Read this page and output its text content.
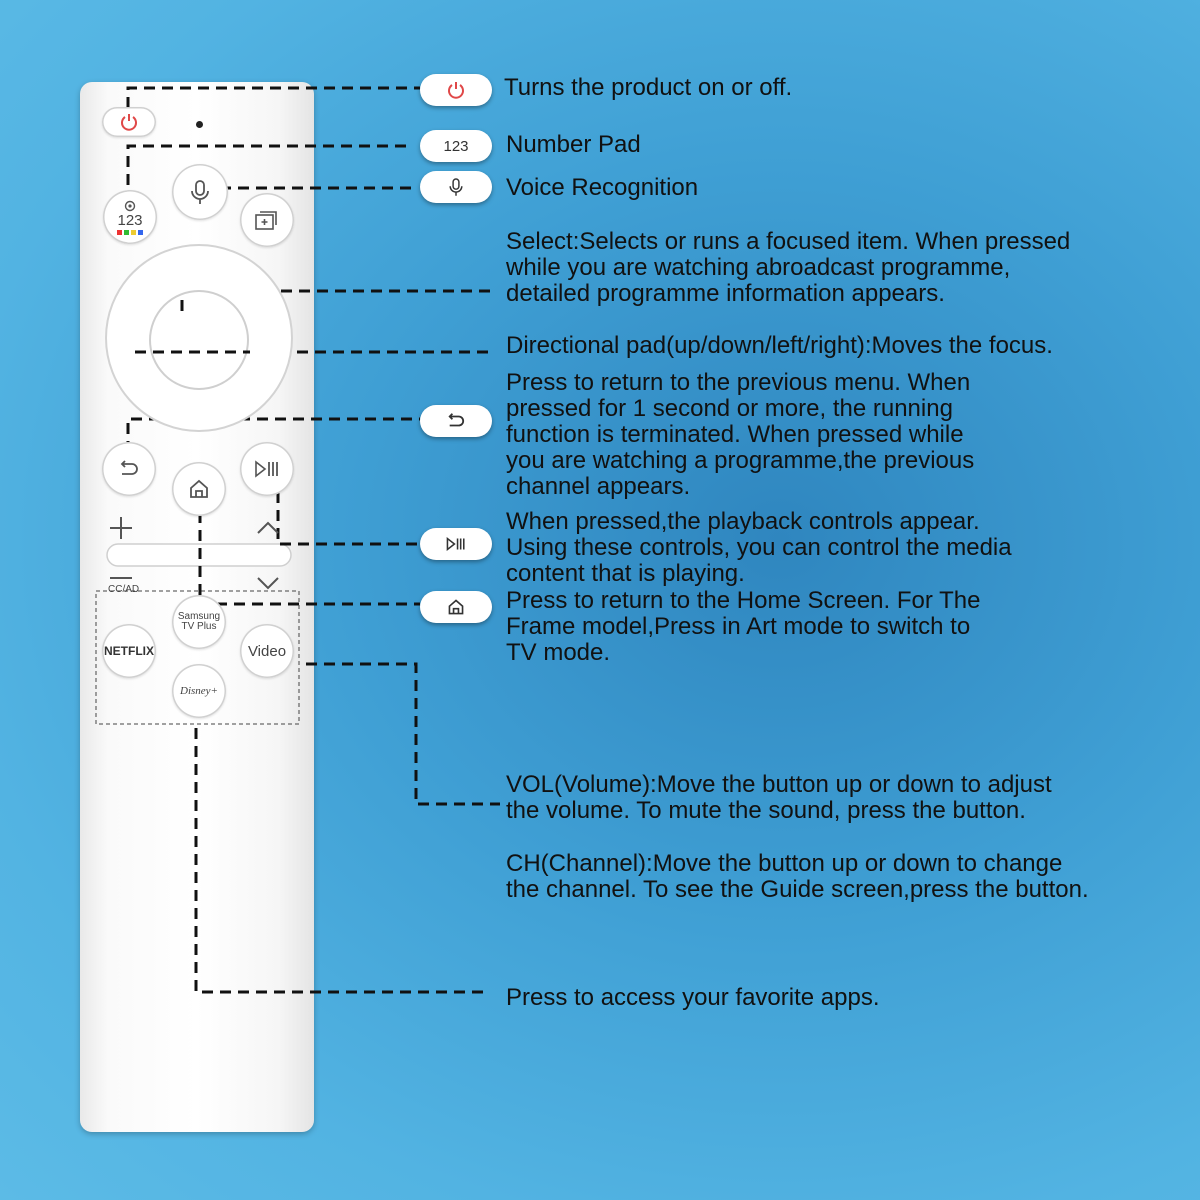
123
CC/AD
Samsung
TV Plus
NETFLIX	Video
Disney+
123

Turns the product on or off.

Number Pad

Voice Recognition

Select:Selects or runs a focused item. When pressed
while you are watching abroadcast programme,
detailed programme information appears.

Directional pad(up/down/left/right):Moves the focus.

Press to return to the previous menu. When
pressed for 1 second or more, the running
function is terminated. When pressed while
you are watching a programme,the previous
channel appears.
When pressed,the playback controls appear.
Using these controls, you can control the media
content that is playing.
Press to return to the Home Screen. For The
Frame model,Press in Art mode to switch to
TV mode.
VOL(Volume):Move the button up or down to adjust
the volume. To mute the sound, press the button.
CH(Channel):Move the button up or down to change
the channel. To see the Guide screen,press the button.

Press to access your favorite apps.
